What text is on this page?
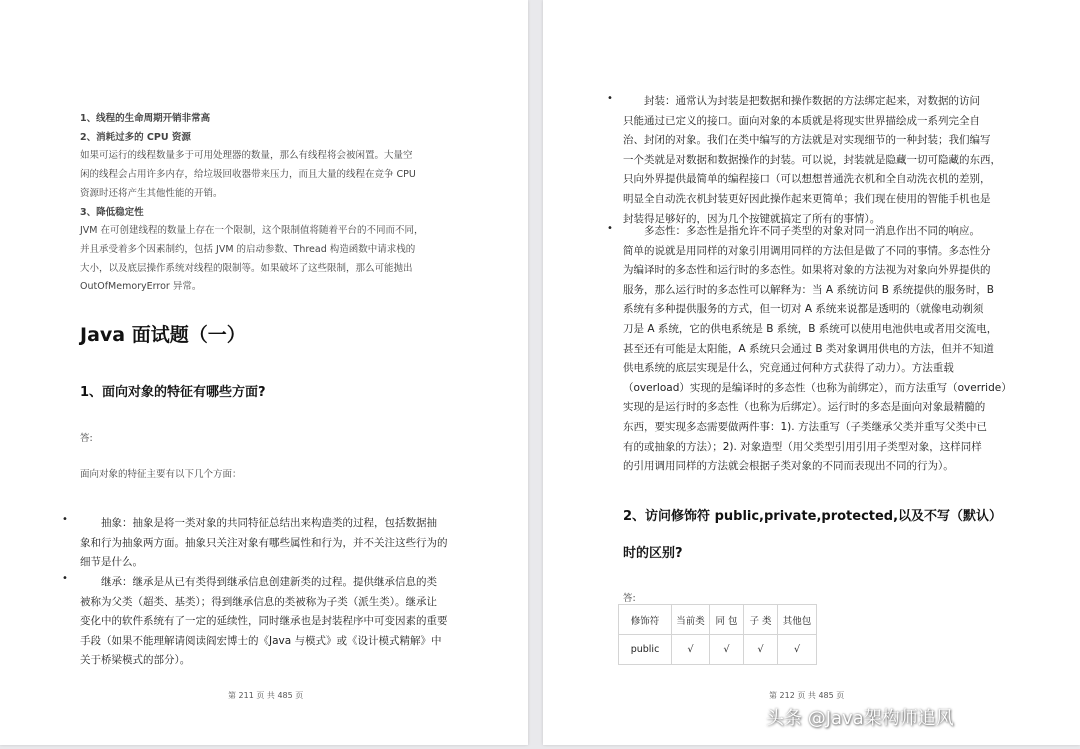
1、线程的生命周期开销非常高
2、消耗过多的 CPU 资源
如果可运行的线程数量多于可用处理器的数量，那么有线程将会被闲置。大量空
闲的线程会占用许多内存，给垃圾回收器带来压力，而且大量的线程在竞争 CPU
资源时还将产生其他性能的开销。
3、降低稳定性
JVM 在可创建线程的数量上存在一个限制，这个限制值将随着平台的不同而不同，
并且承受着多个因素制约，包括 JVM 的启动参数、Thread 构造函数中请求栈的
大小，以及底层操作系统对线程的限制等。如果破坏了这些限制，那么可能抛出
OutOfMemoryError 异常。
Java 面试题（一）
1、面向对象的特征有哪些方面?
答:
面向对象的特征主要有以下几个方面：
• 　　抽象：抽象是将一类对象的共同特征总结出来构造类的过程，包括数据抽
象和行为抽象两方面。抽象只关注对象有哪些属性和行为，并不关注这些行为的
细节是什么。
• 　　继承：继承是从已有类得到继承信息创建新类的过程。提供继承信息的类
被称为父类（超类、基类）；得到继承信息的类被称为子类（派生类）。继承让
变化中的软件系统有了一定的延续性，同时继承也是封装程序中可变因素的重要
手段（如果不能理解请阅读阎宏博士的《Java 与模式》或《设计模式精解》中
关于桥梁模式的部分）。
第 211 页 共 485 页
• 　　封装：通常认为封装是把数据和操作数据的方法绑定起来，对数据的访问
只能通过已定义的接口。面向对象的本质就是将现实世界描绘成一系列完全自
治、封闭的对象。我们在类中编写的方法就是对实现细节的一种封装；我们编写
一个类就是对数据和数据操作的封装。可以说，封装就是隐藏一切可隐藏的东西，
只向外界提供最简单的编程接口（可以想想普通洗衣机和全自动洗衣机的差别，
明显全自动洗衣机封装更好因此操作起来更简单；我们现在使用的智能手机也是
封装得足够好的，因为几个按键就搞定了所有的事情）。
• 　　多态性：多态性是指允许不同子类型的对象对同一消息作出不同的响应。
简单的说就是用同样的对象引用调用同样的方法但是做了不同的事情。多态性分
为编译时的多态性和运行时的多态性。如果将对象的方法视为对象向外界提供的
服务，那么运行时的多态性可以解释为：当 A 系统访问 B 系统提供的服务时，B
系统有多种提供服务的方式，但一切对 A 系统来说都是透明的（就像电动剃须
刀是 A 系统，它的供电系统是 B 系统，B 系统可以使用电池供电或者用交流电，
甚至还有可能是太阳能，A 系统只会通过 B 类对象调用供电的方法，但并不知道
供电系统的底层实现是什么，究竟通过何种方式获得了动力）。方法重载
（overload）实现的是编译时的多态性（也称为前绑定），而方法重写（override）
实现的是运行时的多态性（也称为后绑定）。运行时的多态是面向对象最精髓的
东西，要实现多态需要做两件事：1). 方法重写（子类继承父类并重写父类中已
有的或抽象的方法）；2). 对象造型（用父类型引用引用子类型对象，这样同样
的引用调用同样的方法就会根据子类对象的不同而表现出不同的行为）。
2、访问修饰符 public,private,protected,以及不写（默认）
时的区别?
答:
修饰符	当前类	同 包	子 类	其他包
public	√	√	√	√
第 212 页 共 485 页
头条 @Java架构师追风
